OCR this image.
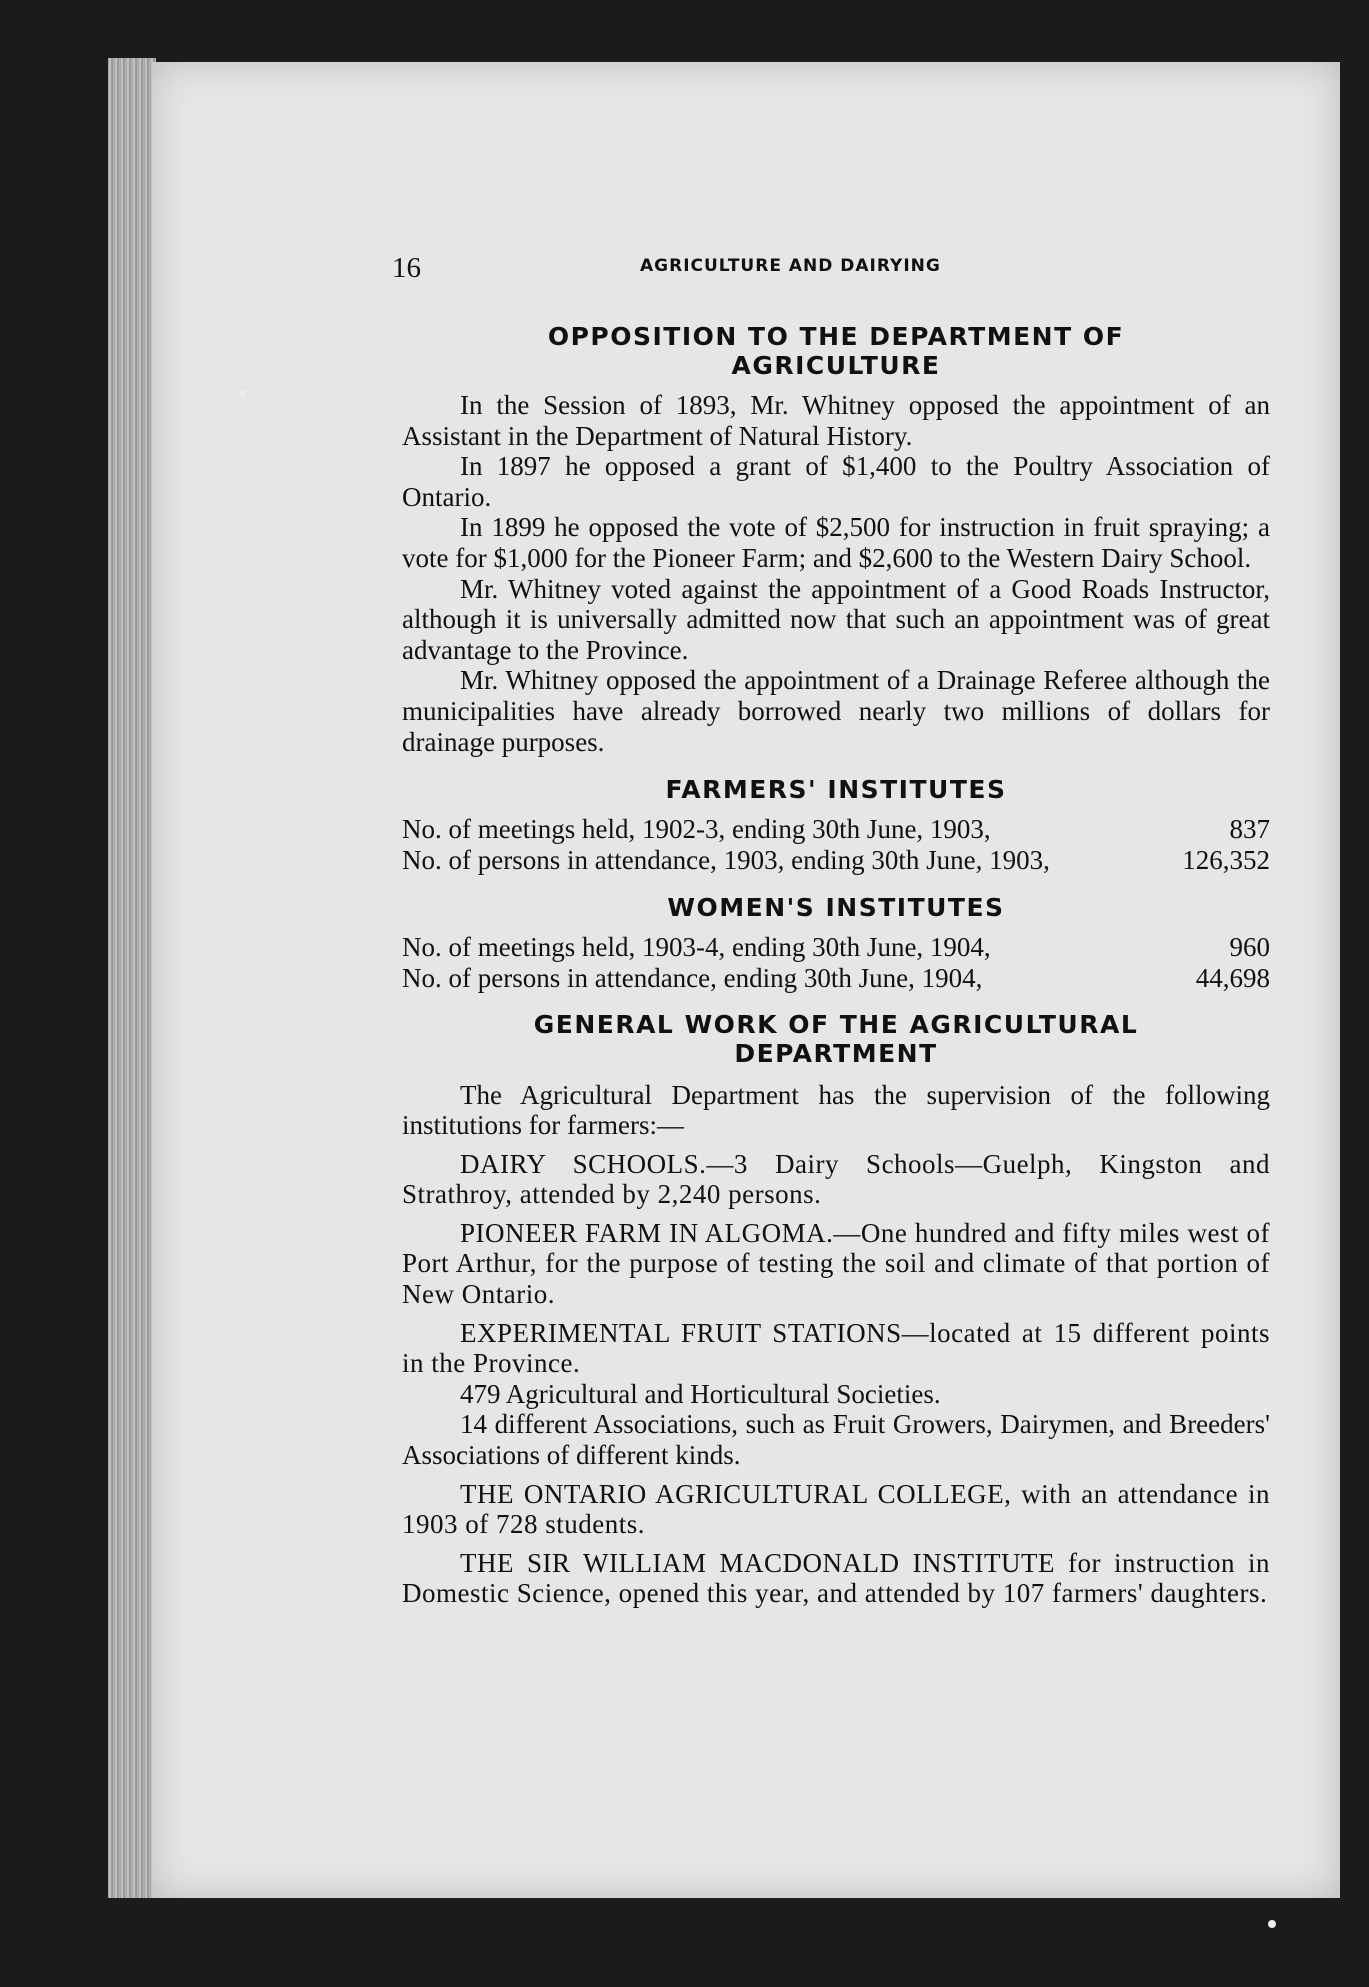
16	AGRICULTURE AND DAIRYING
OPPOSITION TO THE DEPARTMENT OF
AGRICULTURE

In the Session of 1893, Mr. Whitney opposed the appointment of an Assistant in the Department of Natural History.

In 1897 he opposed a grant of $1,400 to the Poultry Association of Ontario.

In 1899 he opposed the vote of $2,500 for instruction in fruit spraying; a vote for $1,000 for the Pioneer Farm; and $2,600 to the Western Dairy School.

Mr. Whitney voted against the appointment of a Good Roads Instructor, although it is universally admitted now that such an appointment was of great advantage to the Province.

Mr. Whitney opposed the appointment of a Drainage Referee although the municipalities have already borrowed nearly two millions of dollars for drainage purposes.

FARMERS' INSTITUTES
No. of meetings held, 1902-3, ending 30th June, 1903,	837
No. of persons in attendance, 1903, ending 30th June, 1903,	126,352
WOMEN'S INSTITUTES
No. of meetings held, 1903-4, ending 30th June, 1904,	960
No. of persons in attendance, ending 30th June, 1904,	44,698
GENERAL WORK OF THE AGRICULTURAL
DEPARTMENT

The Agricultural Department has the supervision of the following institutions for farmers:—

DAIRY SCHOOLS.—3 Dairy Schools—Guelph, Kingston and Strathroy, attended by 2,240 persons.

PIONEER FARM IN ALGOMA.—One hundred and fifty miles west of Port Arthur, for the purpose of testing the soil and climate of that portion of New Ontario.

EXPERIMENTAL FRUIT STATIONS—located at 15 different points in the Province.

479 Agricultural and Horticultural Societies.

14 different Associations, such as Fruit Growers, Dairymen, and Breeders' Associations of different kinds.

THE ONTARIO AGRICULTURAL COLLEGE, with an attendance in 1903 of 728 students.

THE SIR WILLIAM MACDONALD INSTITUTE for instruction in Domestic Science, opened this year, and attended by 107 farmers' daughters.
